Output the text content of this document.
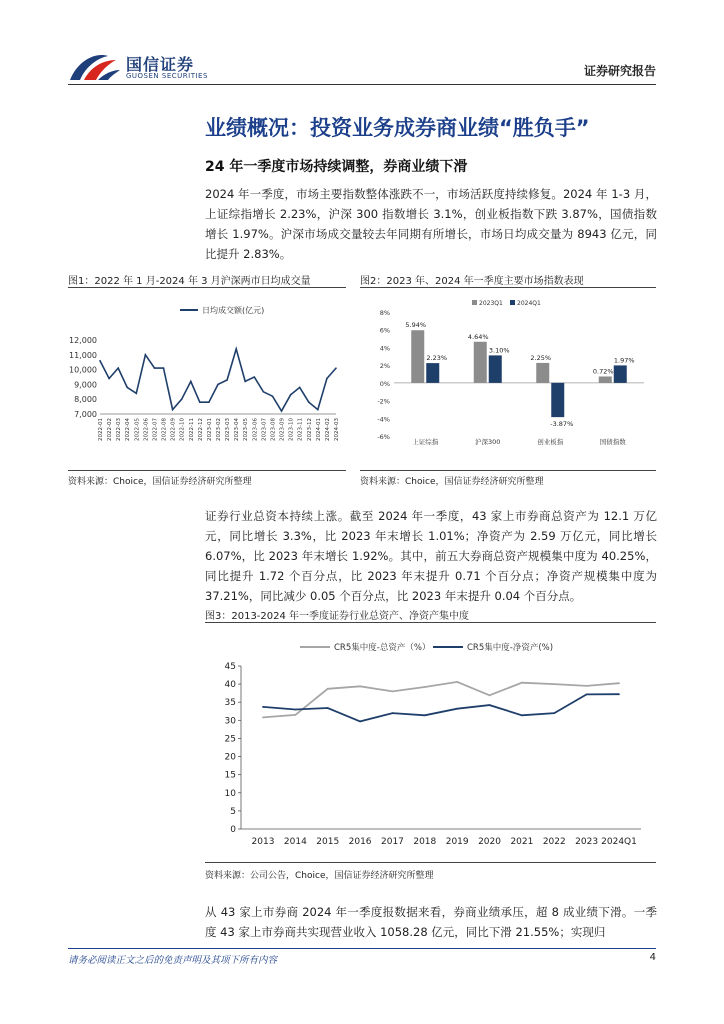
国信证券
GUOSEN SECURITIES	证券研究报告
业绩概况：投资业务成券商业绩“胜负手”
24 年一季度市场持续调整，券商业绩下滑
2024 年一季度，市场主要指数整体涨跌不一，市场活跃度持续修复。2024 年 1-3 月，上证综指增长 2.23%，沪深 300 指数增长 3.1%，创业板指数下跌 3.87%，国债指数增长 1.97%。沪深市场成交量较去年同期有所增长，市场日均成交量为 8943 亿元，同比提升 2.83%。
图1：2022 年 1 月-2024 年 3 月沪深两市日均成交量
12,000
11,000
10,000
9,000
8,000
7,000
日均成交额(亿元)
2022-01 2022-02 2022-03 2022-04 2022-05 2022-06 2022-07 2022-08 2022-09 2022-10 2022-11 2022-12 2023-01 2023-02 2023-03 2023-04 2023-05 2023-06 2023-07 2023-08 2023-09 2023-10 2023-11 2023-12 2024-01 2024-02 2024-03
资料来源：Choice，国信证券经济研究所整理
图2：2023 年、2024 年一季度主要市场指数表现
8%
6%
4%
2%
0%
-2%
-4%
-6%
2023Q1 2024Q1
5.94%
2.23%
上证综指
4.64%
3.10%
沪深300
2.25%
-3.87%
创业板指
0.72%
1.97%
国债指数
资料来源：Choice，国信证券经济研究所整理
证券行业总资本持续上涨。截至 2024 年一季度，43 家上市券商总资产为 12.1 万亿元，同比增长 3.3%，比 2023 年末增长 1.01%；净资产为 2.59 万亿元，同比增长 6.07%，比 2023 年末增长 1.92%。其中，前五大券商总资产规模集中度为 40.25%，同比提升 1.72 个百分点，比 2023 年末提升 0.71 个百分点；净资产规模集中度为 37.21%，同比减少 0.05 个百分点，比 2023 年末提升 0.04 个百分点。
图3：2013-2024 年一季度证券行业总资产、净资产集中度
45
40
35
30
25
20
15
10
5
0
2013 2014 2015 2016 2017 2018 2019 2020 2021 2022 2023 2024Q1
CR5集中度-总资产（%）	CR5集中度-净资产(%)
资料来源：公司公告，Choice，国信证券经济研究所整理
从 43 家上市券商 2024 年一季度报数据来看，券商业绩承压，超 8 成业绩下滑。一季度 43 家上市券商共实现营业收入 1058.28 亿元，同比下滑 21.55%；实现归
请务必阅读正文之后的免责声明及其项下所有内容	4
